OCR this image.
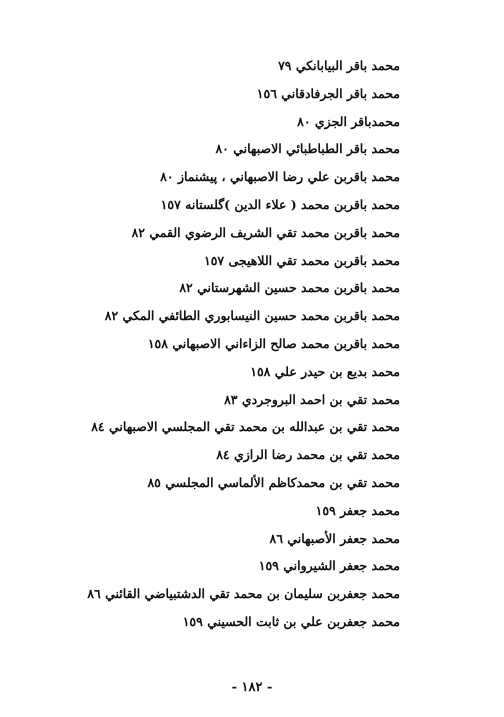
محمد باقر البيابانكي ٧٩
محمد باقر الجرفادقاني ١٥٦
محمدباقر الجزي ٨٠
محمد باقر الطباطبائي الاصبهاني ٨٠
محمد باقربن علي رضا الاصبهاني ، پيشنماز ٨٠
محمد باقربن محمد ( علاء الدين )گلستانه ١٥٧
محمد باقربن محمد تقي الشريف الرضوي القمي ٨٢
محمد باقربن محمد تقي اللاهيجى ١٥٧
محمد باقربن محمد حسين الشهرستاني ٨٢
محمد باقربن محمد حسين النيسابوري الطائفي المكي ٨٢
محمد باقربن محمد صالح الزاءاني الاصبهاني ١٥٨
محمد بديع بن حيدر علي ١٥٨
محمد تقي بن احمد البروجردي ٨٣
محمد تقي بن عبدالله بن محمد تقي المجلسي الاصبهاني ٨٤
محمد تقي بن محمد رضا الرازي ٨٤
محمد تقي بن محمدكاظم الألماسي المجلسي ٨٥
محمد جعفر ١٥٩
محمد جعفر الأصبهاني ٨٦
محمد جعفر الشيرواني ١٥٩
محمد جعفربن سليمان بن محمد تقي الدشتبياضي القائني ٨٦
محمد جعفربن علي بن ثابت الحسيني ١٥٩
- ١٨٢ -
